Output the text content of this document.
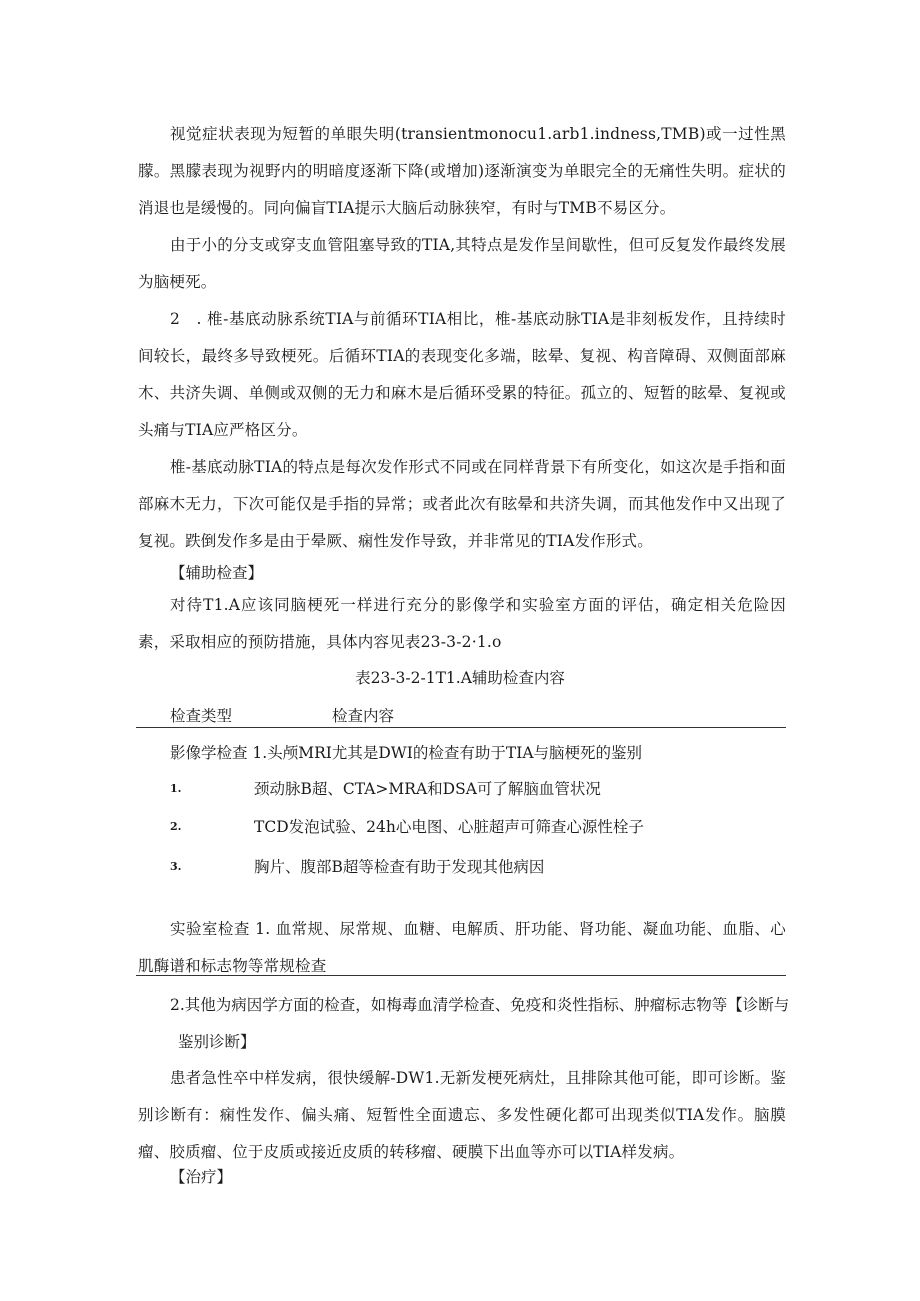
视觉症状表现为短暂的单眼失明(transientmonocu1.arb1.indness,TMB)或一过性黑朦。黑朦表现为视野内的明暗度逐渐下降(或增加)逐渐演变为单眼完全的无痛性失明。症状的消退也是缓慢的。同向偏盲TIA提示大脑后动脉狭窄，有时与TMB不易区分。

由于小的分支或穿支血管阻塞导致的TIA,其特点是发作呈间歇性，但可反复发作最终发展为脑梗死。

2　. 椎-基底动脉系统TIA与前循环TIA相比，椎-基底动脉TIA是非刻板发作，且持续时间较长，最终多导致梗死。后循环TIA的表现变化多端，眩晕、复视、构音障碍、双侧面部麻木、共济失调、单侧或双侧的无力和麻木是后循环受累的特征。孤立的、短暂的眩晕、复视或头痛与TIA应严格区分。

椎-基底动脉TIA的特点是每次发作形式不同或在同样背景下有所变化，如这次是手指和面部麻木无力，下次可能仅是手指的异常；或者此次有眩晕和共济失调，而其他发作中又出现了复视。跌倒发作多是由于晕厥、痫性发作导致，并非常见的TIA发作形式。

【辅助检查】

对待T1.A应该同脑梗死一样进行充分的影像学和实验室方面的评估，确定相关危险因素，采取相应的预防措施，具体内容见表23-3-2·1.o

表23-3-2-1T1.A辅助检查内容
检查类型	检查内容
影像学检查 1.头颅MRI尤其是DWI的检查有助于TIA与脑梗死的鉴别
1.	颈动脉B超、CTA>MRA和DSA可了解脑血管状况
2.	TCD发泡试验、24h心电图、心脏超声可筛查心源性栓子
3.	胸片、腹部B超等检查有助于发现其他病因

实验室检查 1. 血常规、尿常规、血糖、电解质、肝功能、肾功能、凝血功能、血脂、心肌酶谱和标志物等常规检查

2.其他为病因学方面的检查，如梅毒血清学检查、免疫和炎性指标、肿瘤标志物等【诊断与
鉴别诊断】

患者急性卒中样发病，很快缓解-DW1.无新发梗死病灶，且排除其他可能，即可诊断。鉴别诊断有：痫性发作、偏头痛、短暂性全面遗忘、多发性硬化都可出现类似TIA发作。脑膜瘤、胶质瘤、位于皮质或接近皮质的转移瘤、硬膜下出血等亦可以TIA样发病。

【治疗】
